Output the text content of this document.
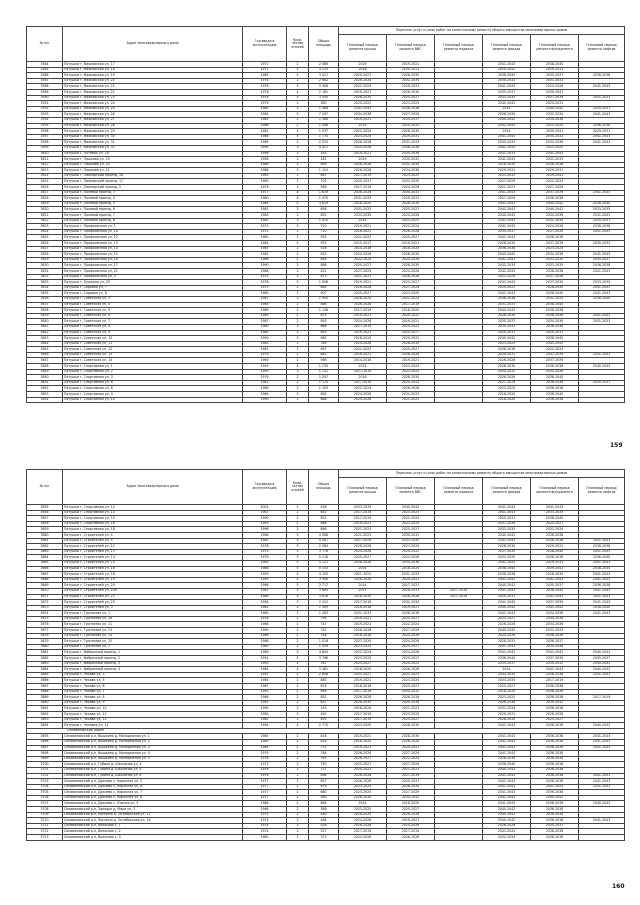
№ п/п	Адрес многоквартирного дома	Год ввода в эксплуатацию	Коли-чество этажей	Общая площадь	Перечень услуг и (или) работ по капитальному ремонту общего имущества многоквартирных домов					
					Плановый период ремонта крыши	Плановый период ремонта ВИС	Плановый период ремонта подвала	Плановый период ремонта фасада	Плановый период ремонта фундамента	Плановый период ремонта лифтов
3584	Пятушки г, Маяковская ул, 17	1972	2	2 086	2019	2019-2021		2041-2043	2038-2040	
3585	Пятушки г, Маяковская ул, 18	1971	5	3 125	2018	2020-2022		2050-2052	2029-2031	
3586	Пятушки г, Маяковская ул, 19	1985	5	3 417	2025-2027	2028-2030		2038-2040	2035-2037	2036-2038
3587	Пятушки г, Маяковская ул, 20	1978	2	2 662	2026-2028	2032-2034		2030-2032	2031-2033	
3588	Пятушки г, Маяковская ул, 21	1978	5	3 408	2022-2024	2029-2031		2041-2043	2024-2026	2041-2043
3589	Пятушки г, Маяковская ул, 22	1976	4	2 181	2019-2021	2028-2030		2035-2037	2039-2041	
3590	Пятушки г, Маяковская ул, 23	1978	5	3 450	2028-2030	2025-2027		2033-2035	2037-2039	2031-2033
3591	Пятушки г, Маяковская ул, 24	1979	2	580	2020-2022	2023-2025		2040-2042	2029-2031	
3592	Пятушки г, Маяковская ул, 25	1980	2	1 468	2041-2043	2036-2038		2014	2040-2042	2035-2037
3593	Пятушки г, Маяковская ул, 26	1984	5	7 297	2034-2036	2027-2029		2028-2030	2032-2034	2041-2043
3594	Пятушки г, Маяковская ул, 27	1985	2	1 386	2019-2021	2035-2037		2040-2042	2034-2036	
3595	Пятушки г, Маяковская ул, 28	1986	2	1 446	2015	2020-2022		2041-2043	2023-2025	2036-2038
3596	Пятушки г, Маяковская ул, 29	1981	4	1 537	2022-2024	2028-2030		2014	2039-2041	2029-2031
3597	Пятушки г, Маяковская ул, 30	1986	5	1 770	2023-2025	2029-2031		2041-2043	2030-2032	2041-2043
3598	Пятушки г, Маяковская ул, 31	1985	2	2 515	2026-2028	2031-2033		2030-2032	2034-2036	2041-2043
3599	Пятушки г, Маяковская ул, 32	1994	3	4 417	2024-2026	2036-2038		2041-2043	2023-2025	
3610	Пятушки г, Октябрь ул, 18	1956	2	183	2019-2021	2034-2036		2031-2033	2041-2043	
3611	Пятушки г, Пашкова ул, 19	1958	2	181	2019	2030-2032		2041-2043	2031-2033	
3612	Пятушки г, Пашкова ул, 20	1988	2	899	2026-2028	2032-2034		2018-2020	2036-2038	
3613	Пятушки г, Пашкова ул, 21	1986	2	1 154	2026-2028	2034-2036		2029-2031	2029-2031	
3614	Пятушки г, Пионерский проезд, 16	1963	2	667	2017-2019	2023-2025		2031-2033	2039-2041	
3615	Пятушки г, Пионерский проезд, 17	1960	2	702	2029-2031	2033-2035		2027-2029	2022-2024	
3616	Пятушки г, Пионерский проезд, 2	1976	2	589	2017-2019	2024-2026		2021-2023	2027-2029	
3617	Пятушки г, Полевой проезд, 3	1977	4	1 619	2026-2028	2030-2032		2041-2043	2037-2039	2041-2043
3618	Пятушки г, Полевой проезд, 4	1980	4	1 470	2031-2033	2029-2031		2027-2029	2036-2038	
3619	Пятушки г, Полевой проезд, 5	1984	5	3 619	2018-2020	2028-2030		2041-2043	2040-2042	2038-2040
3620	Пятушки г, Полевой проезд, 6	1981	2	658	2031-2033	2025-2027		2041-2043	2040-2042	2033-2035
3621	Пятушки г, Полевой проезд, 7	1983	2	652	2033-2035	2024-2026		2040-2042	2034-2036	2041-2043
3622	Пятушки г, Полевой проезд, 8	1982	3	1 415	2014	2023-2025		2041-2043	2032-2034	2035-2037
3623	Пятушки г, Профсоюзная ул, 1	1973	2	720	2019-2021	2022-2024		2041-2043	2024-2026	2036-2038
3624	Пятушки г, Профсоюзная ул, 10	1972	2	710	2016-2021	2026-2028		2035-2037	2037-2039	2041-2043
3625	Пятушки г, Профсоюзная ул, 12	1982	2	592	2021-2023	2025-2027		2041-2043	2036-2038	
3626	Пятушки г, Профсоюзная ул, 13	1984	5	551	2015-2017	2019-2021		2028-2030	2037-2039	2030-2032
3627	Пятушки г, Профсоюзная ул, 14	1985	2	516	2014-2016	2018-2020		2036-2038	2023-2025	
3628	Пятушки г, Профсоюзная ул, 15	1982	2	632	2024-2026	2028-2030		2040-2042	2034-2036	2041-2043
3629	Пятушки г, Профсоюзная ул, 16	1986	2	846	2022-2024	2024-2026		2041-2043	2033-2035	2035-2037
3630	Пятушки г, Профсоюзная ул, 17	1990	2	886	2025-2027	2028-2030		2032-2034	2033-2035	2036-2038
3631	Пятушки г, Профсоюзная ул, 21	1986	2	451	2027-2029	2024-2026		2041-2043	2036-2038	2041-2043
3632	Пятушки г, Профсоюзная ул, 5	1975	2	673	2021-2023	2026-2028		2022-2024	2037-2039	
3633	Пятушки г, Пушкина ул, 25	1976	5	1 058	2019-2021	2025-2027		2041-2043	2037-2039	2033-2035
3634	Пятушки г, Садовая ул, 7	1979	2	665	2026-2028	2027-2029		2020-2022	2028-2030	2041-2043
3635	Пятушки г, Садовая ул, 8	1980	2	907	2025-2027	2023-2025		2041-2043	2038-2040	2041-2043
3636	Пятушки г, Советская ул, 3	1987	2	1 450	2018-2020	2021-2023		2036-2038	2032-2034	2038-2040
3637	Пятушки г, Советская ул, 4	1985	2	886	2026-2028	2017-2019		2031-2033	2038-2040	
3638	Пятушки г, Советская ул, 5	1989	2	1 146	2017-2019	2018-2020		2040-2042	2036-2038	
3639	Пятушки г, Советская ул, 6	1985	2	674	2019-2021	2020-2022		2028-2030	2036-2038	2041-2043
3640	Пятушки г, Советская ул, 7	1987	2	892	2024-2026	2019-2021		2035-2037	2034-2036	2031-2033
3641	Пятушки г, Советская ул, 8	1980	3	666	2017-2019	2020-2022		2030-2032	2036-2038	
3642	Пятушки г, Советская ул, 9	1980	2	693	2019-2021	2025-2027		2029-2031	2029-2031	
3643	Пятушки г, Советская ул, 10	1990	2	682	2018-2020	2020-2022		2040-2042	2038-2040	
3644	Пятушки г, Советская ул, 11	1983	2	789	2024-2026	2028-2030		2023-2025	2041-2043	
3645	Пятушки г, Советская ул, 12	1981	2	697	2021-2023	2025-2027		2036-2038	2022-2024	
3646	Пятушки г, Советская ул, 13	1979	2	682	2019-2021	2026-2028		2029-2031	2037-2039	2041-2043
3647	Пятушки г, Советская ул, 14	1969	2	566	2014-2016	2019-2021		2026-2028	2037-2039	
3648	Пятушки г, Спортивная ул, 1	1993	4	1 230	2014	2023-2025		2028-2030	2036-2038	2040-2042
3649	Пятушки г, Спортивная ул, 2	1993	3	1 131	2017-2019	2023-2025		2030-2032	2034-2036	
3650	Пятушки г, Спортивная ул, 3	1979	2	1 297	2018	2028-2030		2026-2028	2038-2040	
3651	Пятушки г, Спортивная ул, 6	1981	2	1 170	2017-2019	2020-2022		2027-2029	2036-2038	2035-2037
3652	Пятушки г, Спортивная ул, 8	1988	2	1 105	2022-2024	2026-2028		2023-2025	2036-2038	
3653	Пятушки г, Спортивная ул, 9	1989	2	692	2024-2026	2031-2033		2018-2020	2038-2040	
3654	Пятушки г, Спортивная ул, 10	1990	2	688	2024-2026	2021-2023		2018-2020	2036-2038	
159
№ п/п	Адрес многоквартирного дома	Год ввода в эксплуатацию	Коли-чество этажей	Общая площадь	Перечень услуг и (или) работ по капитальному ремонту общего имущества многоквартирных домов					
					Плановый период ремонта крыши	Плановый период ремонта ВИС	Плановый период ремонта подвала	Плановый период ремонта фасада	Плановый период ремонта фундамента	Плановый период ремонта лифтов
3655	Пятушки г, Спортивная ул, 12	2002	2	456	2033-2035	2040-2042		2041-2043	2041-2043	
3656	Пятушки г, Спортивная ул, 14	1987	2	642	2017-2019	2023-2025		2041-2043	2033-2035	
3657	Пятушки г, Спортивная ул, 15	1990	2	831	2017-2019	2022-2024		2029-2031	2038-2040	
3658	Пятушки г, Спортивная ул, 16	1993	2	886	2019-2021	2023-2025		2037-2039	2025-2027	
3659	Пятушки г, Спортивная ул, 18	1996	2	866	2021-2023	2025-2027		2033-2035	2032-2034	
3660	Пятушки г, Строителей ул, 4	1968	5	4 568	2021-2023	2030-2032		2040-2042	2036-2038	
3661	Пятушки г, Строителей ул, 5	1982	5	4 407	2027-2029	2033-2035		2041-2043	2036-2038	2041-2043
3662	Пятушки г, Строителей ул, 12	1978	5	2 584	2026-2028	2027-2029		2028-2030	2029-2031	2036-2038
3663	Пятушки г, Строителей ул, 13	1979	5	3 778	2024-2026	2020-2022		2037-2039	2038-2040	2041-2043
3664	Пятушки г, Строителей ул, 14	1979	5	5 118	2025-2027	2024-2026		2033-2035	2036-2038	2038-2040
3665	Пятушки г, Строителей ул, 15	1983	5	5 121	2026-2028	2034-2036		2041-2043	2029-2031	2041-2043
3666	Пятушки г, Строителей ул, 16	1986	5	5 153	2014	2018-2020		2038-2040	2039-2041	2038-2040
3667	Пятушки г, Строителей ул, 18	1993	4	4 105	2021-2023	2031-2033		2036-2038	2028-2030	2041-2043
3668	Пятушки г, Строителей ул, 19	1993	4	3 906	2026-2028	2029-2031		2041-2043	2041-2043	2041-2043
3669	Пятушки г, Строителей ул, 20	1986	5	2 717	2014	2017-2021		2040-2042	2035-2037	2036-2038
3670	Пятушки г, Строителей ул, 20а	1987	5	3 685	2017	2028-2031	2017-2019	2041-2043	2038-2040	2041-2043
3671	Пятушки г, Строителей ул, 22	1988	5	3 678	2018-2020	2026-2028	2017-2019	2029-2031	2041-2043	2041-2043
3672	Пятушки г, Строителей ул, 25	1994	3	2 412	2017-2019	2032-2034		2041-2043	2037-2039	2041-2043
3673	Пятушки г, Строителей ул, 3	1962	2	1 495	2016-2018	2019-2021		2040-2042	2041-2043	2038-2040
3674	Пятушки г, Тургенева ул, 1	1980	2	1 263	2031-2033	2036-2038		2041-2043	2034-2036	2041-2043
3675	Пятушки г, Тургенева ул, 1а	1976	2	756	2019-2021	2025-2027		2025-2027	2034-2036	
3676	Пятушки г, Тургенева ул, 11	1986	2	747	2019-2021	2022-2024		2026-2028	2034-2036	
3677	Пятушки г, Тургенева ул, 13	1990	2	742	2026-2028	2027-2029		2040-2042	2031-2033	
3678	Пятушки г, Тургенева ул, 14	1986	2	748	2016-2018	2024-2026		2024-2026	2036-2038	
3679	Пятушки г, Тургенева ул, 15	1986	2	1 018	2027-2029	2024-2026		2028-2031	2036-2037	
3680	Пятушки г, Тургенева ул, 2	1980	2	1 009	2023-2025	2025-2027		2041-2043	2034-2036	
3681	Пятушки г, Фабричный проезд, 1	1989	5	4 844	2022-2024	2024-2026		2041-2043	2041-2043	2040-2042
3682	Пятушки г, Фабричный проезд, 2	1991	4	3 798	2023-2025	2025-2027		2038-2040	2037-2039	2035-2037
3683	Пятушки г, Фабричный проезд, 3	1993	4	787	2025-2027	2020-2022		2035-2037	2030-2032	2040-2042
3684	Пятушки г, Фабричный проезд, 4	1984	4	3 481	2018-2020	2026-2028		2014	2041-2043	2040-2042
3685	Пятушки г, Чехова ул, 3	1991	5	2 608	2025-2027	2021-2023		2033-2035	2036-2038	2041-2043
3686	Пятушки г, Чехова ул, 5	1985	2	883	2019-2021	2023-2025		2033-2035	2017-2019	
3687	Пятушки г, Чехова ул, 6	1987	2	674	2016-2018	2025-2027		2025-2027	2036-2038	
3688	Пятушки г, Чехова ул, 7	1992	2	698	2017-2019	2030-2032		2018-2020	2036-2038	
3689	Пятушки г, Чехова ул, 8	1986	2	852	2026-2028	2026-2028		2023-2025	2036-2038	2017-2019
3690	Пятушки г, Чехова ул, 9	1991	2	837	2028-2030	2034-2036		2036-2038	2030-2032	
3691	Пятушки г, Чехова ул, 10	1995	2	143	2018-2020	2021-2023		2032-2034	2036-2038	
3692	Пятушки г, Чехова ул, 11	1980	2	491	2017-2019	2023-2025		2029-2031	2026-2028	
3693	Пятушки г, Чехова ул, 12	1982	2	493	2017-2019	2025-2027		2028-2030	2025-2027	
3694	Пятушки г, Чеховая ул, 14	1994	4	2 770	2023-2025	2028-2030		2041-2043	2036-2038	2040-2042
Селивановский район										
3695	Селивановский р-н, Вышкино д, Молодежная ул, 1	1985	2	816	2019-2021	2028-2030		2041-2043	2036-2038	2041-2043
3696	Селивановский р-н, Вышкино д, Молодежная ул, 2	1985	2	818	2018-2020	2026-2028		2041-2043	2036-2038	2041-2043
3697	Селивановский р-н, Вышкино д, Молодежная ул, 3	1984	2	731	2019-2021	2029-2031		2041-2043	2036-2038	2041-2043
3698	Селивановский р-н, Вышкино д, Молодежная ул, 4	1979	2	764	2026-2028	2027-2029		2041-2043	2036-2038	
3699	Селивановский р-н, Вышкино д, Молодежная ул, 5	1976	2	763	2026-2027	2022-2024		2028-2030	2036-2038	
3700	Селивановский р-н, Губино д, Школьная ул, 4	1973	2	750	2025-2027	2027-2029		2038-2040	2036-2038	
3701	Селивановский р-н, Губино д, Школьная ул, 5	1976	2	727	2020-2022	2021-2023		2040-2042	2036-2038	
3702	Селивановский р-н, Губино д, Школьная ул, 6	1976	2	698	2026-2028	2017-2019		2041-2043	2036-2038	2041-2043
3703	Селивановский р-н, Драчево с, Кирочная ул, 5	1977	2	657	2026-2028	2029-2031		2041-2043	2036-2038	2041-2043
3704	Селивановский р-н, Драчево с, Кирочная ул, 6	1977	2	676	2023-2025	2028-2030		2041-2043	2041-2043	2041-2043
3705	Селивановский р-н, Драчево с, Кирочная ул, 7	1977	2	680	2023-2025	2027-2029		2041-2043	2036-2038	
3706	Селивановский р-н, Драчево с, Кирочная ул, 8	1977	2	580	2028-2030	2030-2032		2041-2043	2040-2042	
3707	Селивановский р-н, Драчево с, Южная ул, 5	1986	2	864	2014	2018-2020		2041-2043	2036-2038	2040-2042
3708	Селивановский р-н, Зарядье д, Мира ул, 3	1986	2	388	2023-2025	2025-2027		2040-2042	2036-2038	
3709	Селивановский р-н, Копнино д, Октябрьская ул, 12	1975	2	480	2018-2020	2026-2028		2040-2042	2036-2038	
3710	Селивановский р-н, Копнино д, Октябрьская ул, 14	1974	2	484	2024-2026	2019-2021		2040-2042	2036-2038	2041-2043
3711	Селивановский р-н, Волосово с, 1	1974	2	528	2026-2028	2024-2026		2026-2028	2035-2037	
3712	Селивановский р-н, Волосово с, 2	1974	2	527	2017-2019	2017-2019		2041-2043	2036-2038	
3713	Селивановский р-н, Волосово с, 3	1982	2	373	2024-2026	2026-2028		2032-2034	2036-2038	
160
